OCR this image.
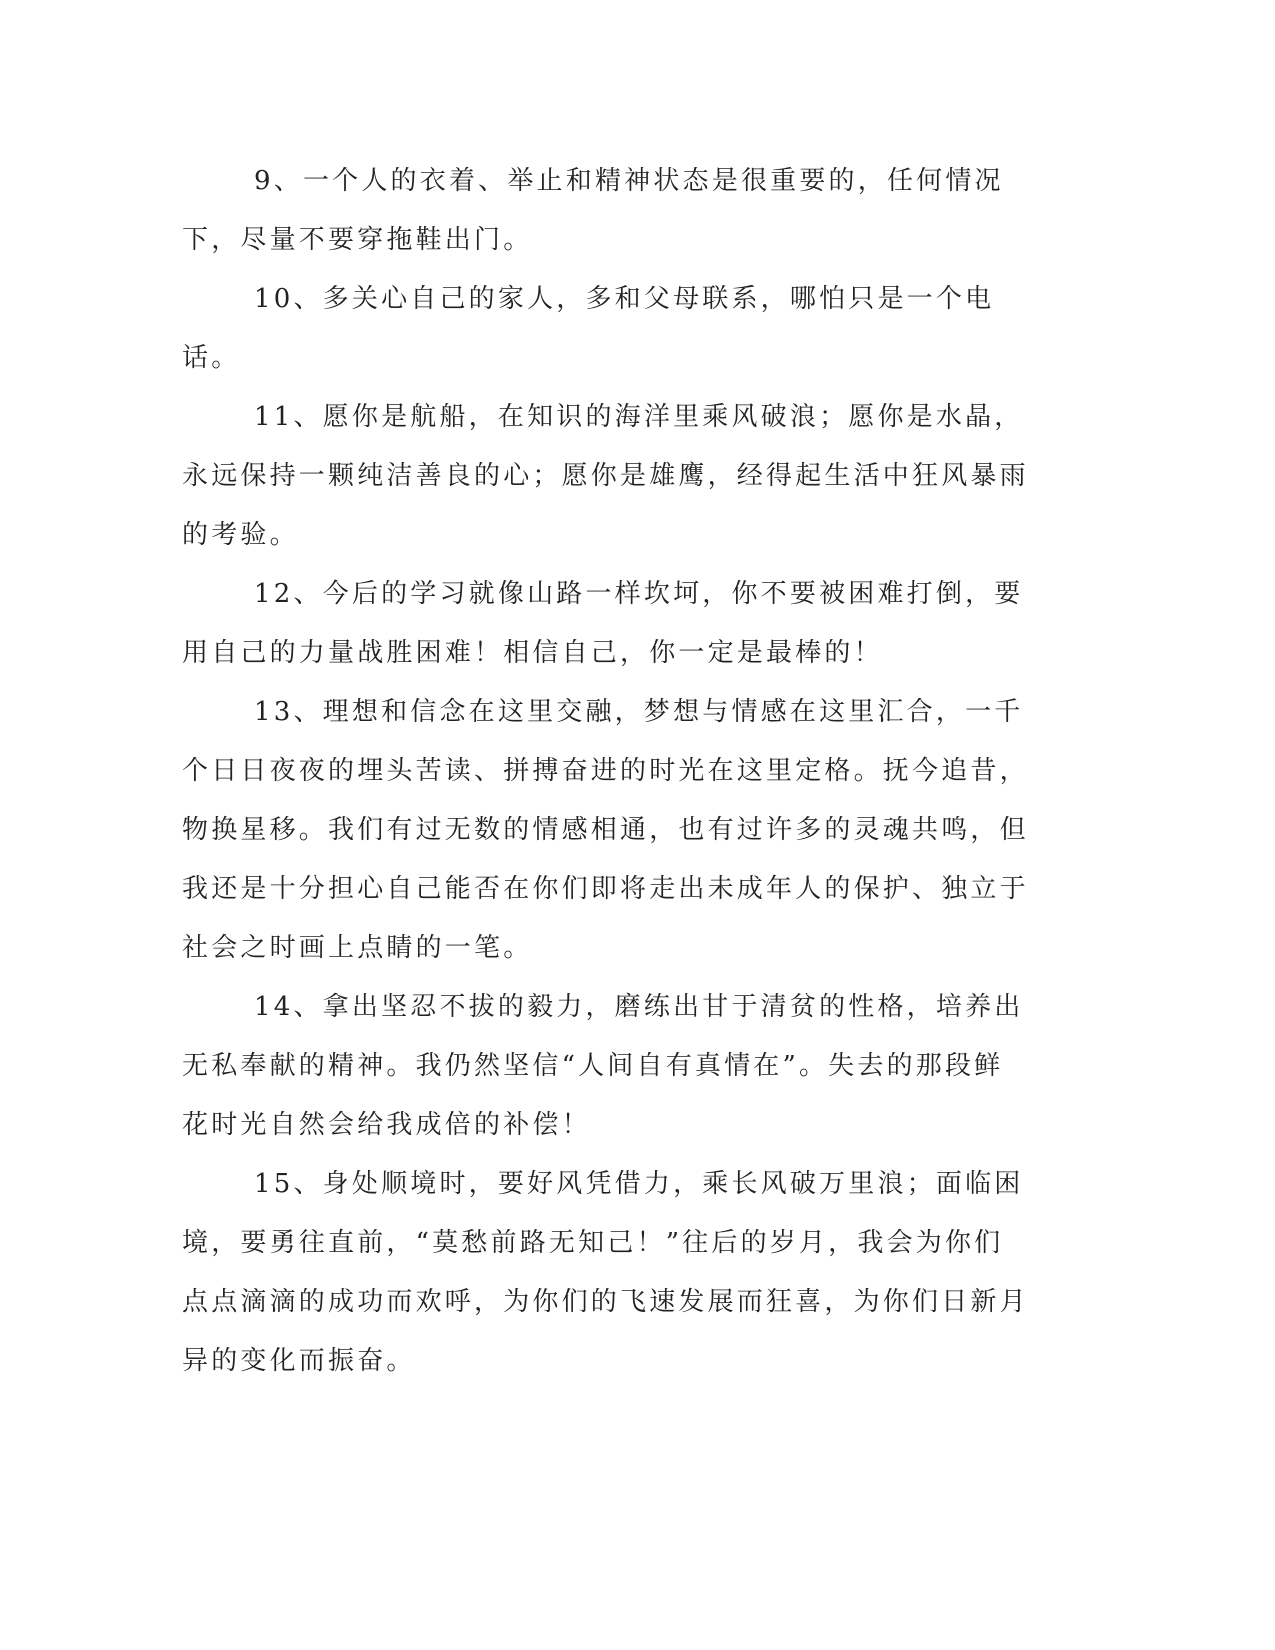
9、一个人的衣着、举止和精神状态是很重要的，任何情况下，尽量不要穿拖鞋出门。

10、多关心自己的家人，多和父母联系，哪怕只是一个电话。

11、愿你是航船，在知识的海洋里乘风破浪；愿你是水晶，永远保持一颗纯洁善良的心；愿你是雄鹰，经得起生活中狂风暴雨的考验。

12、今后的学习就像山路一样坎坷，你不要被困难打倒，要用自己的力量战胜困难！相信自己，你一定是最棒的！

13、理想和信念在这里交融，梦想与情感在这里汇合，一千个日日夜夜的埋头苦读、拼搏奋进的时光在这里定格。抚今追昔，物换星移。我们有过无数的情感相通，也有过许多的灵魂共鸣，但我还是十分担心自己能否在你们即将走出未成年人的保护、独立于社会之时画上点睛的一笔。

14、拿出坚忍不拔的毅力，磨练出甘于清贫的性格，培养出无私奉献的精神。我仍然坚信“人间自有真情在”。失去的那段鲜花时光自然会给我成倍的补偿！

15、身处顺境时，要好风凭借力，乘长风破万里浪；面临困境，要勇往直前，“莫愁前路无知己！”往后的岁月，我会为你们点点滴滴的成功而欢呼，为你们的飞速发展而狂喜，为你们日新月异的变化而振奋。
